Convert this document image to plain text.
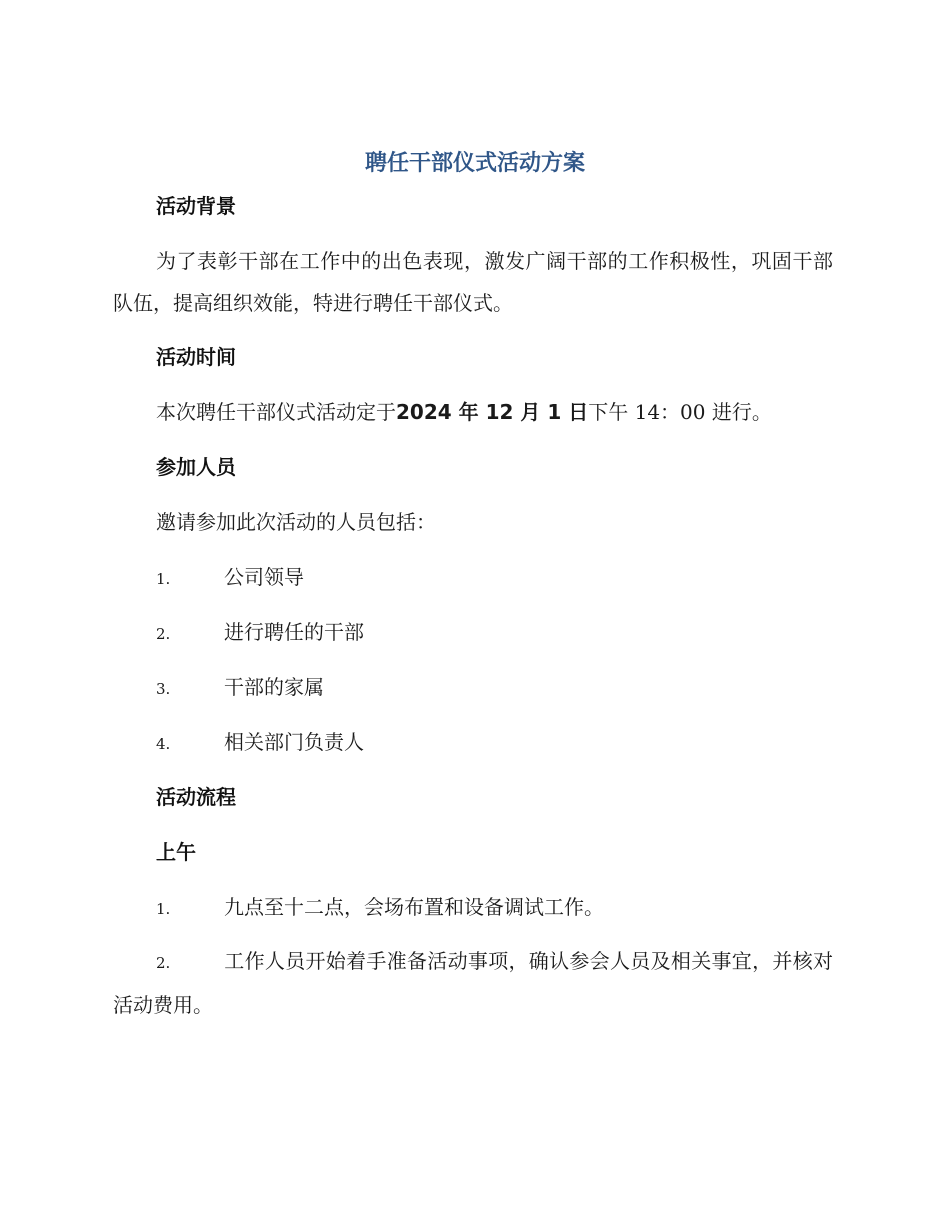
聘任干部仪式活动方案
活动背景
为了表彰干部在工作中的出色表现，激发广阔干部的工作积极性，巩固干部队伍，提高组织效能，特进行聘任干部仪式。
活动时间
本次聘任干部仪式活动定于2024 年 12 月 1 日下午 14：00 进行。
参加人员
邀请参加此次活动的人员包括：
1.	公司领导
2.	进行聘任的干部
3.	干部的家属
4.	相关部门负责人
活动流程
上午
1.	九点至十二点，会场布置和设备调试工作。
2.	工作人员开始着手准备活动事项，确认参会人员及相关事宜，并核对活动费用。
